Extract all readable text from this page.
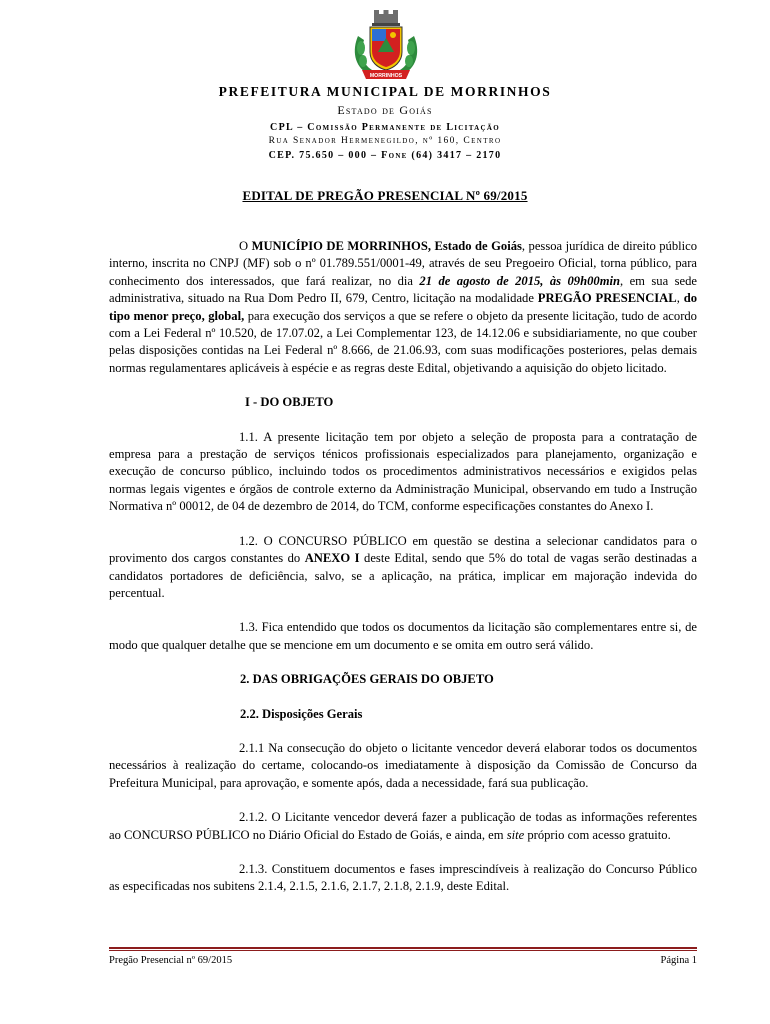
MORRINHOS
PREFEITURA MUNICIPAL DE MORRINHOS
Estado de Goiás
CPL – Comissão Permanente de Licitação
Rua Senador Hermenegildo, nº 160, Centro
CEP. 75.650 – 000 – Fone (64) 3417 – 2170
EDITAL DE PREGÃO PRESENCIAL Nº 69/2015

O MUNICÍPIO DE MORRINHOS, Estado de Goiás, pessoa jurídica de direito público interno, inscrita no CNPJ (MF) sob o nº 01.789.551/0001-49, através de seu Pregoeiro Oficial, torna público, para conhecimento dos interessados, que fará realizar, no dia 21 de agosto de 2015, às 09h00min, em sua sede administrativa, situado na Rua Dom Pedro II, 679, Centro, licitação na modalidade PREGÃO PRESENCIAL, do tipo menor preço, global, para execução dos serviços a que se refere o objeto da presente licitação, tudo de acordo com a Lei Federal nº 10.520, de 17.07.02, a Lei Complementar 123, de 14.12.06 e subsidiariamente, no que couber pelas disposições contidas na Lei Federal nº 8.666, de 21.06.93, com suas modificações posteriores, pelas demais normas regulamentares aplicáveis à espécie e as regras deste Edital, objetivando a aquisição do objeto licitado.

I - DO OBJETO

1.1. A presente licitação tem por objeto a seleção de proposta para a contratação de empresa para a prestação de serviços ténicos profissionais especializados para planejamento, organização e execução de concurso público, incluindo todos os procedimentos administrativos necessários e exigidos pelas normas legais vigentes e órgãos de controle externo da Administração Municipal, observando em tudo a Instrução Normativa nº 00012, de 04 de dezembro de 2014, do TCM, conforme especificações constantes do Anexo I.

1.2. O CONCURSO PÚBLICO em questão se destina a selecionar candidatos para o provimento dos cargos constantes do ANEXO I deste Edital, sendo que 5% do total de vagas serão destinadas a candidatos portadores de deficiência, salvo, se a aplicação, na prática, implicar em majoração indevida do percentual.

1.3. Fica entendido que todos os documentos da licitação são complementares entre si, de modo que qualquer detalhe que se mencione em um documento e se omita em outro será válido.

2. DAS OBRIGAÇÕES GERAIS DO OBJETO

2.2. Disposições Gerais

2.1.1 Na consecução do objeto o licitante vencedor deverá elaborar todos os documentos necessários à realização do certame, colocando-os imediatamente à disposição da Comissão de Concurso da Prefeitura Municipal, para aprovação, e somente após, dada a necessidade, fará sua publicação.

2.1.2. O Licitante vencedor deverá fazer a publicação de todas as informações referentes ao CONCURSO PÚBLICO no Diário Oficial do Estado de Goiás, e ainda, em site próprio com acesso gratuito.

2.1.3. Constituem documentos e fases imprescindíveis à realização do Concurso Público as especificadas nos subitens 2.1.4, 2.1.5, 2.1.6, 2.1.7, 2.1.8, 2.1.9, deste Edital.

Pregão Presencial nº 69/2015	Página 1
